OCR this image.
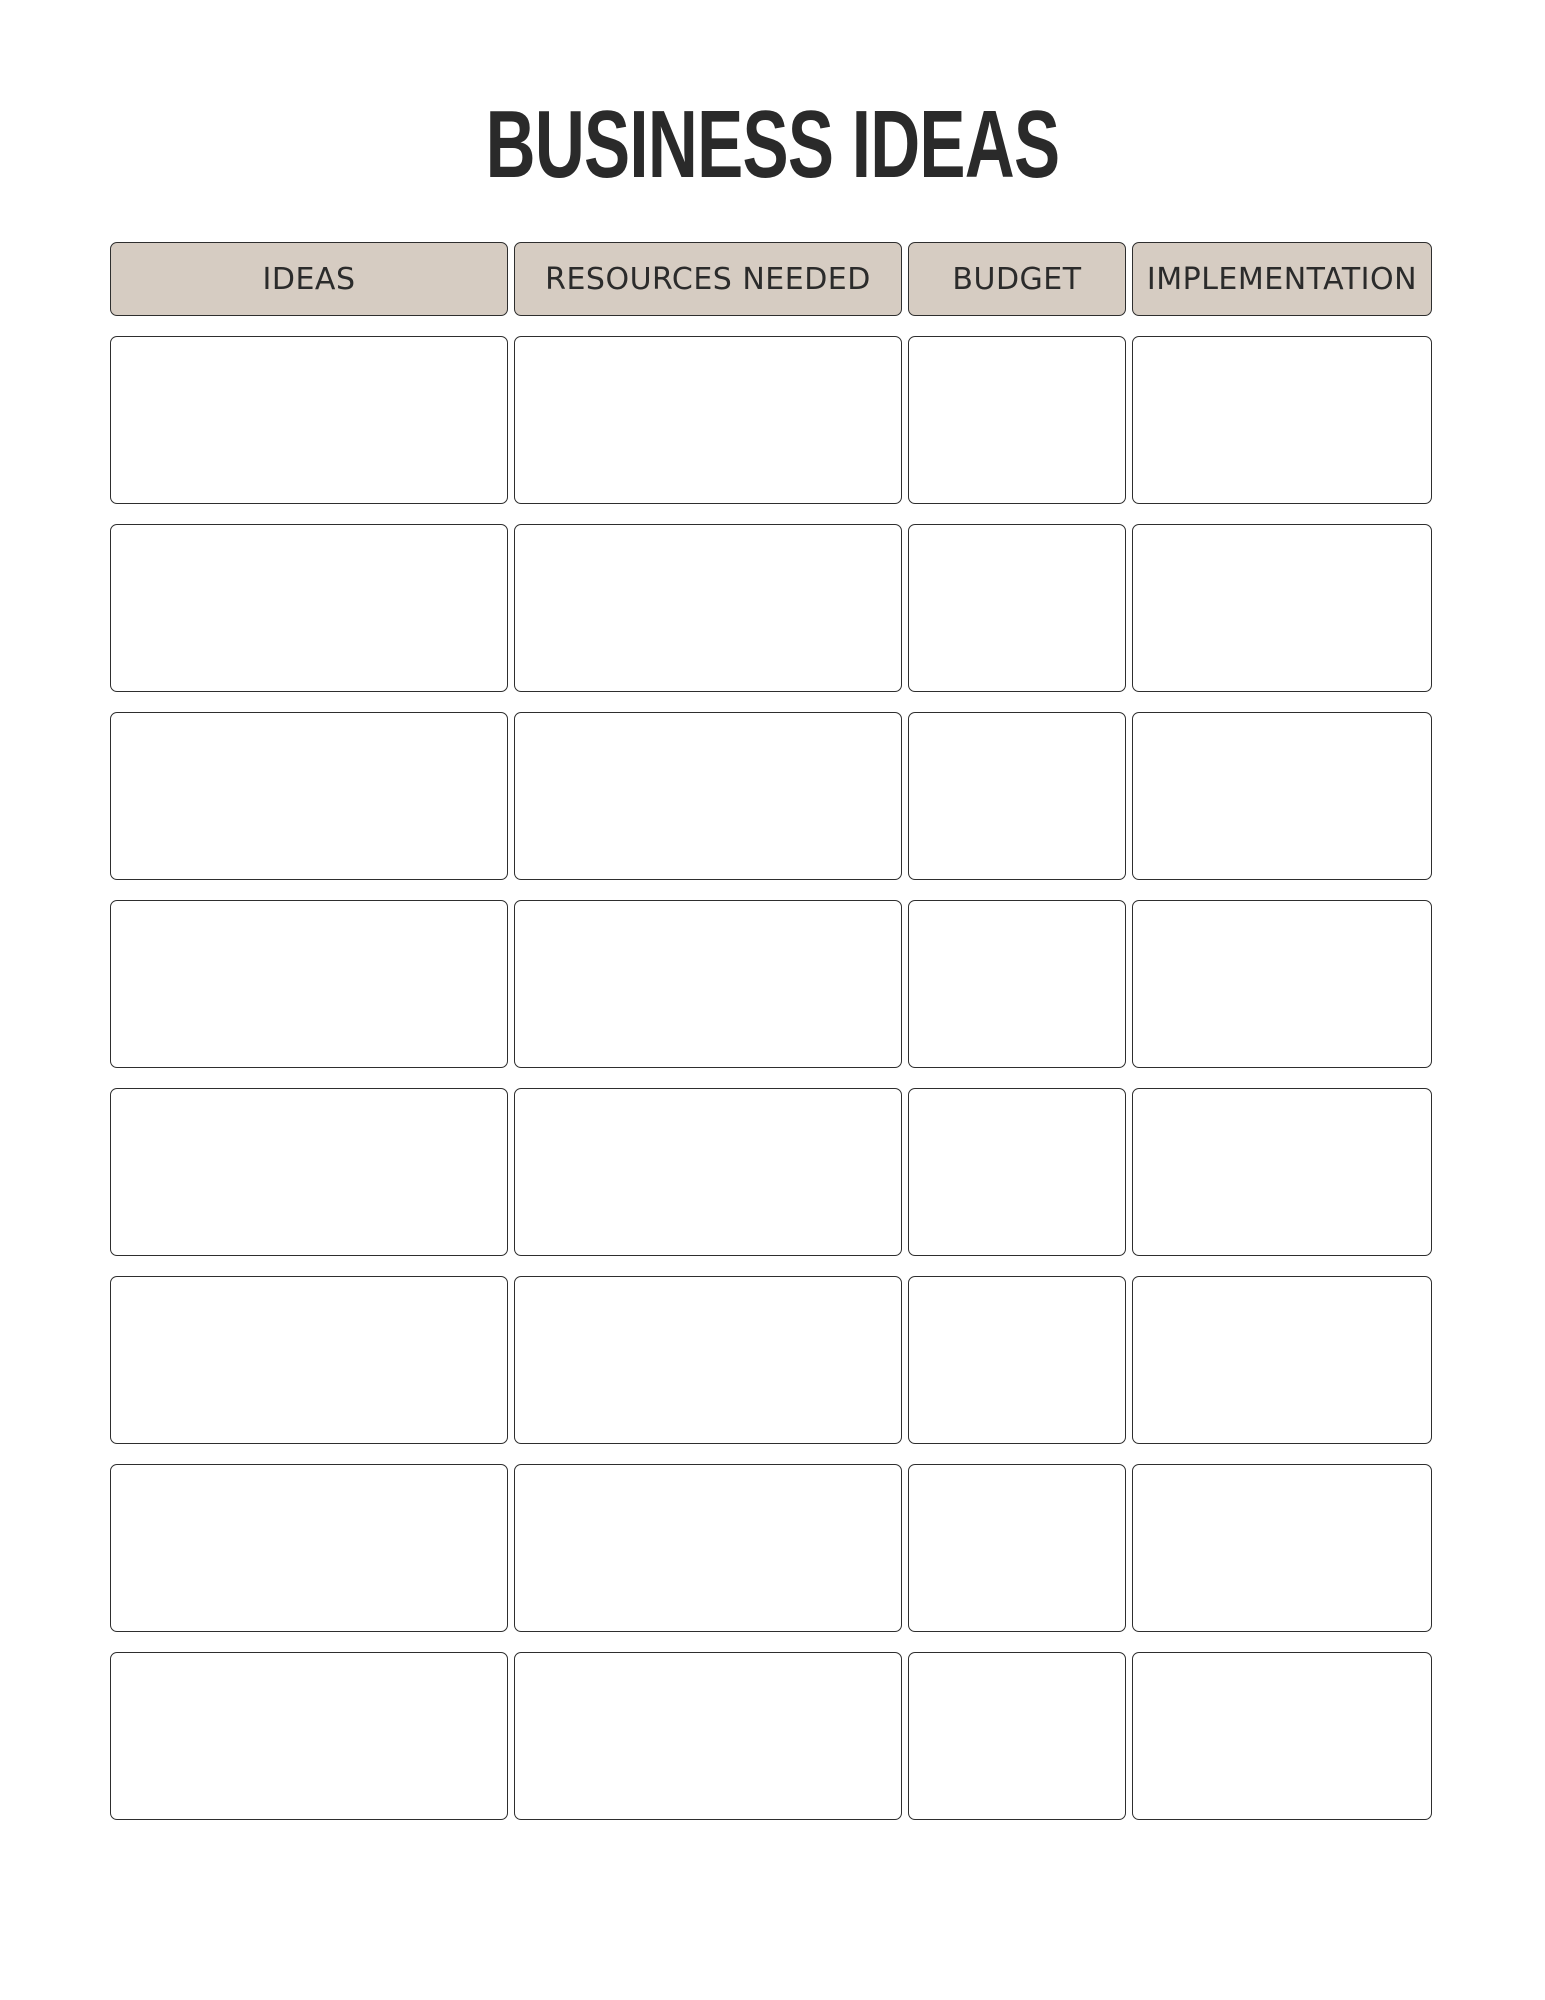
BUSINESS IDEAS
IDEAS	RESOURCES NEEDED	BUDGET	IMPLEMENTATION
